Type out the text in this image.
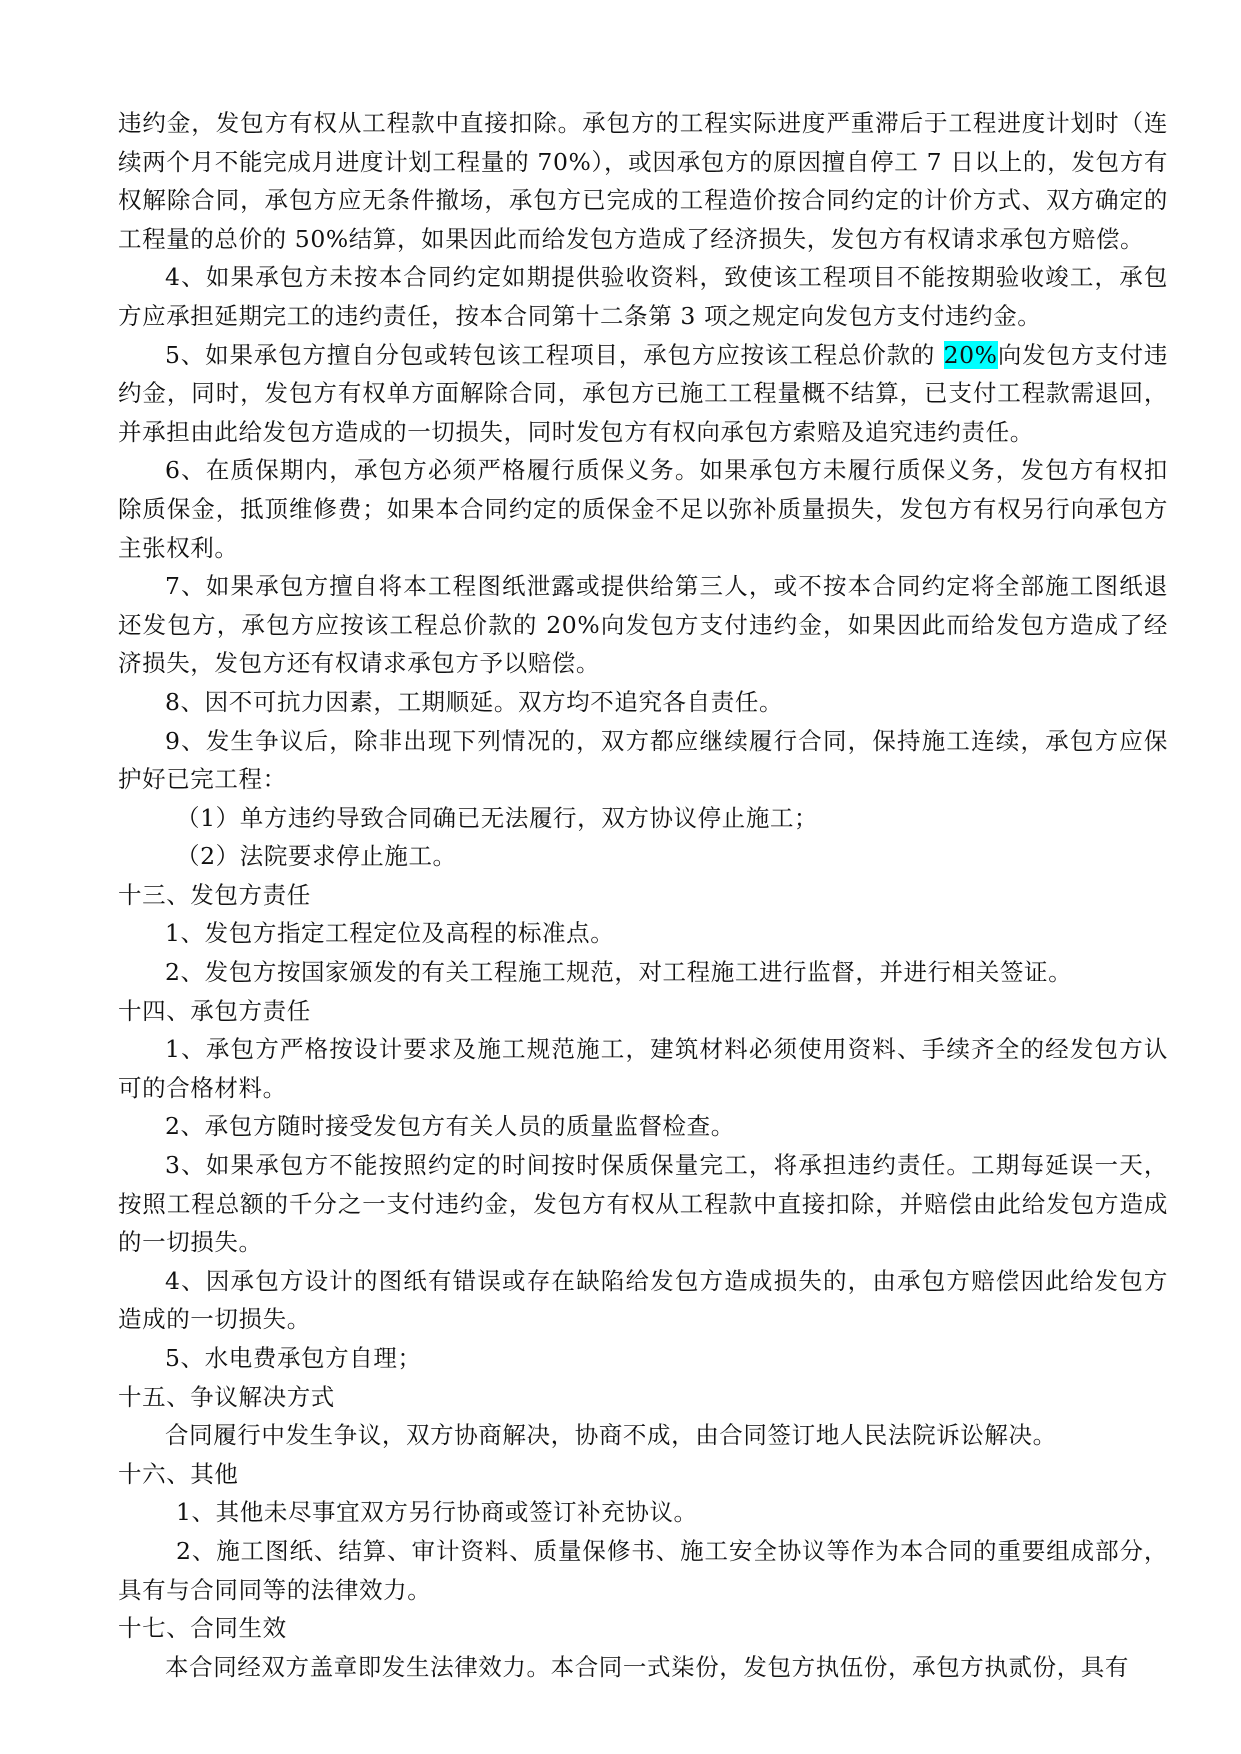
违约金，发包方有权从工程款中直接扣除。承包方的工程实际进度严重滞后于工程进度计划时（连续两个月不能完成月进度计划工程量的 70%），或因承包方的原因擅自停工 7 日以上的，发包方有权解除合同，承包方应无条件撤场，承包方已完成的工程造价按合同约定的计价方式、双方确定的工程量的总价的 50%结算，如果因此而给发包方造成了经济损失，发包方有权请求承包方赔偿。

4、如果承包方未按本合同约定如期提供验收资料，致使该工程项目不能按期验收竣工，承包方应承担延期完工的违约责任，按本合同第十二条第 3 项之规定向发包方支付违约金。

5、如果承包方擅自分包或转包该工程项目，承包方应按该工程总价款的 20%向发包方支付违约金，同时，发包方有权单方面解除合同，承包方已施工工程量概不结算，已支付工程款需退回，并承担由此给发包方造成的一切损失，同时发包方有权向承包方索赔及追究违约责任。

6、在质保期内，承包方必须严格履行质保义务。如果承包方未履行质保义务，发包方有权扣除质保金，抵顶维修费；如果本合同约定的质保金不足以弥补质量损失，发包方有权另行向承包方主张权利。

7、如果承包方擅自将本工程图纸泄露或提供给第三人，或不按本合同约定将全部施工图纸退还发包方，承包方应按该工程总价款的 20%向发包方支付违约金，如果因此而给发包方造成了经济损失，发包方还有权请求承包方予以赔偿。

8、因不可抗力因素，工期顺延。双方均不追究各自责任。

9、发生争议后，除非出现下列情况的，双方都应继续履行合同，保持施工连续，承包方应保护好已完工程：

（1）单方违约导致合同确已无法履行，双方协议停止施工；

（2）法院要求停止施工。

十三、发包方责任

1、发包方指定工程定位及高程的标准点。

2、发包方按国家颁发的有关工程施工规范，对工程施工进行监督，并进行相关签证。

十四、承包方责任

1、承包方严格按设计要求及施工规范施工，建筑材料必须使用资料、手续齐全的经发包方认可的合格材料。

2、承包方随时接受发包方有关人员的质量监督检查。

3、如果承包方不能按照约定的时间按时保质保量完工，将承担违约责任。工期每延误一天，按照工程总额的千分之一支付违约金，发包方有权从工程款中直接扣除，并赔偿由此给发包方造成的一切损失。

4、因承包方设计的图纸有错误或存在缺陷给发包方造成损失的，由承包方赔偿因此给发包方造成的一切损失。

5、水电费承包方自理；

十五、争议解决方式

合同履行中发生争议，双方协商解决，协商不成，由合同签订地人民法院诉讼解决。

十六、其他

1、其他未尽事宜双方另行协商或签订补充协议。

2、施工图纸、结算、审计资料、质量保修书、施工安全协议等作为本合同的重要组成部分，具有与合同同等的法律效力。

十七、合同生效

本合同经双方盖章即发生法律效力。本合同一式柒份，发包方执伍份，承包方执贰份，具有
